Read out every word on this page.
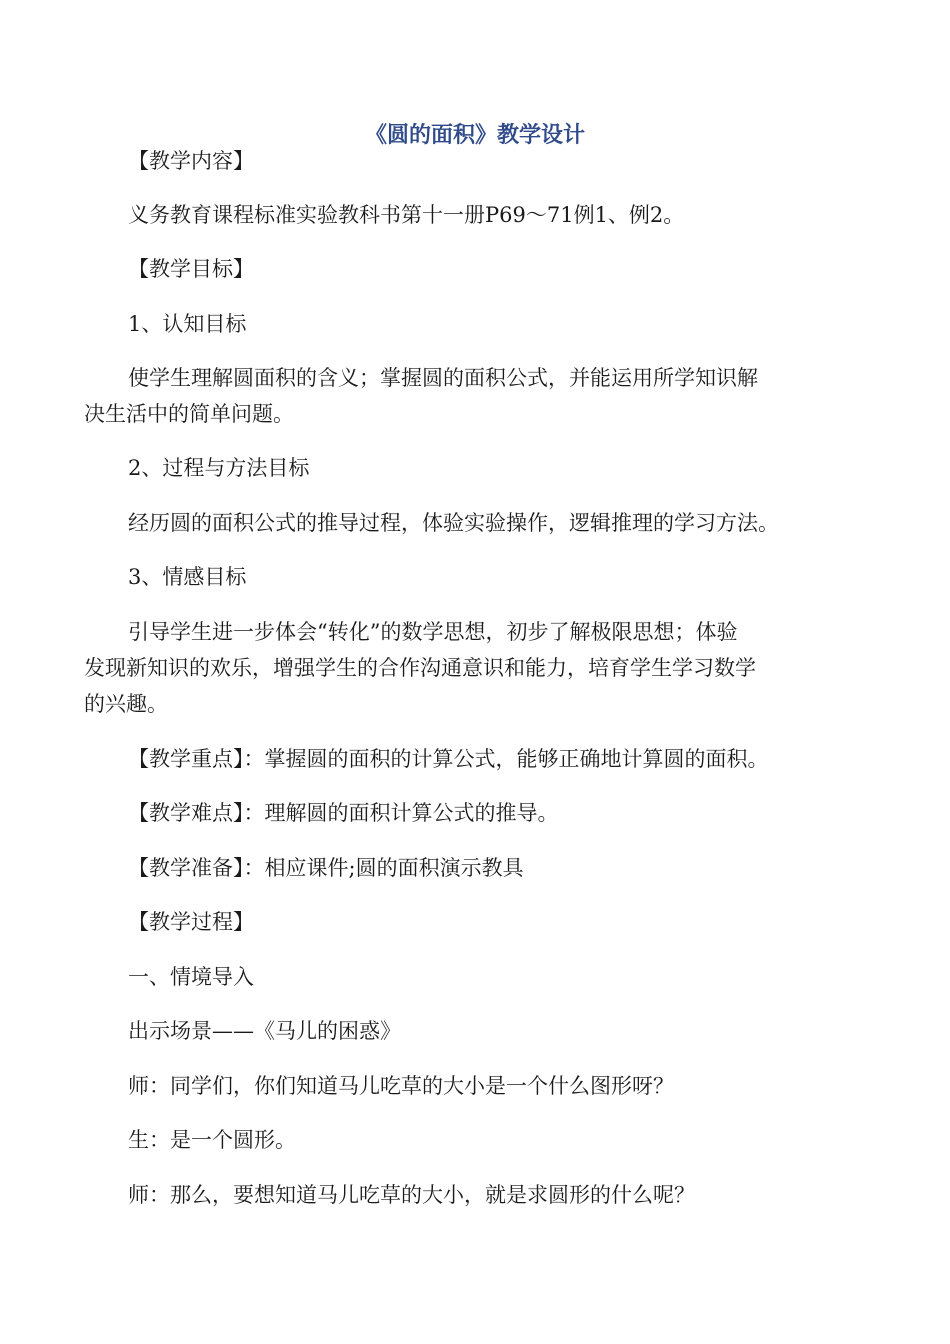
《圆的面积》教学设计
【教学内容】
义务教育课程标准实验教科书第十一册P69～71例1、例2。
【教学目标】
1、认知目标
使学生理解圆面积的含义；掌握圆的面积公式，并能运用所学知识解
决生活中的简单问题。
2、过程与方法目标
经历圆的面积公式的推导过程，体验实验操作，逻辑推理的学习方法。
3、情感目标
引导学生进一步体会“转化”的数学思想，初步了解极限思想；体验
发现新知识的欢乐，增强学生的合作沟通意识和能力，培育学生学习数学
的兴趣。
【教学重点】：掌握圆的面积的计算公式，能够正确地计算圆的面积。
【教学难点】：理解圆的面积计算公式的推导。
【教学准备】：相应课件;圆的面积演示教具
【教学过程】
一、情境导入
出示场景——《马儿的困惑》
师：同学们，你们知道马儿吃草的大小是一个什么图形呀？
生：是一个圆形。
师：那么，要想知道马儿吃草的大小，就是求圆形的什么呢？
